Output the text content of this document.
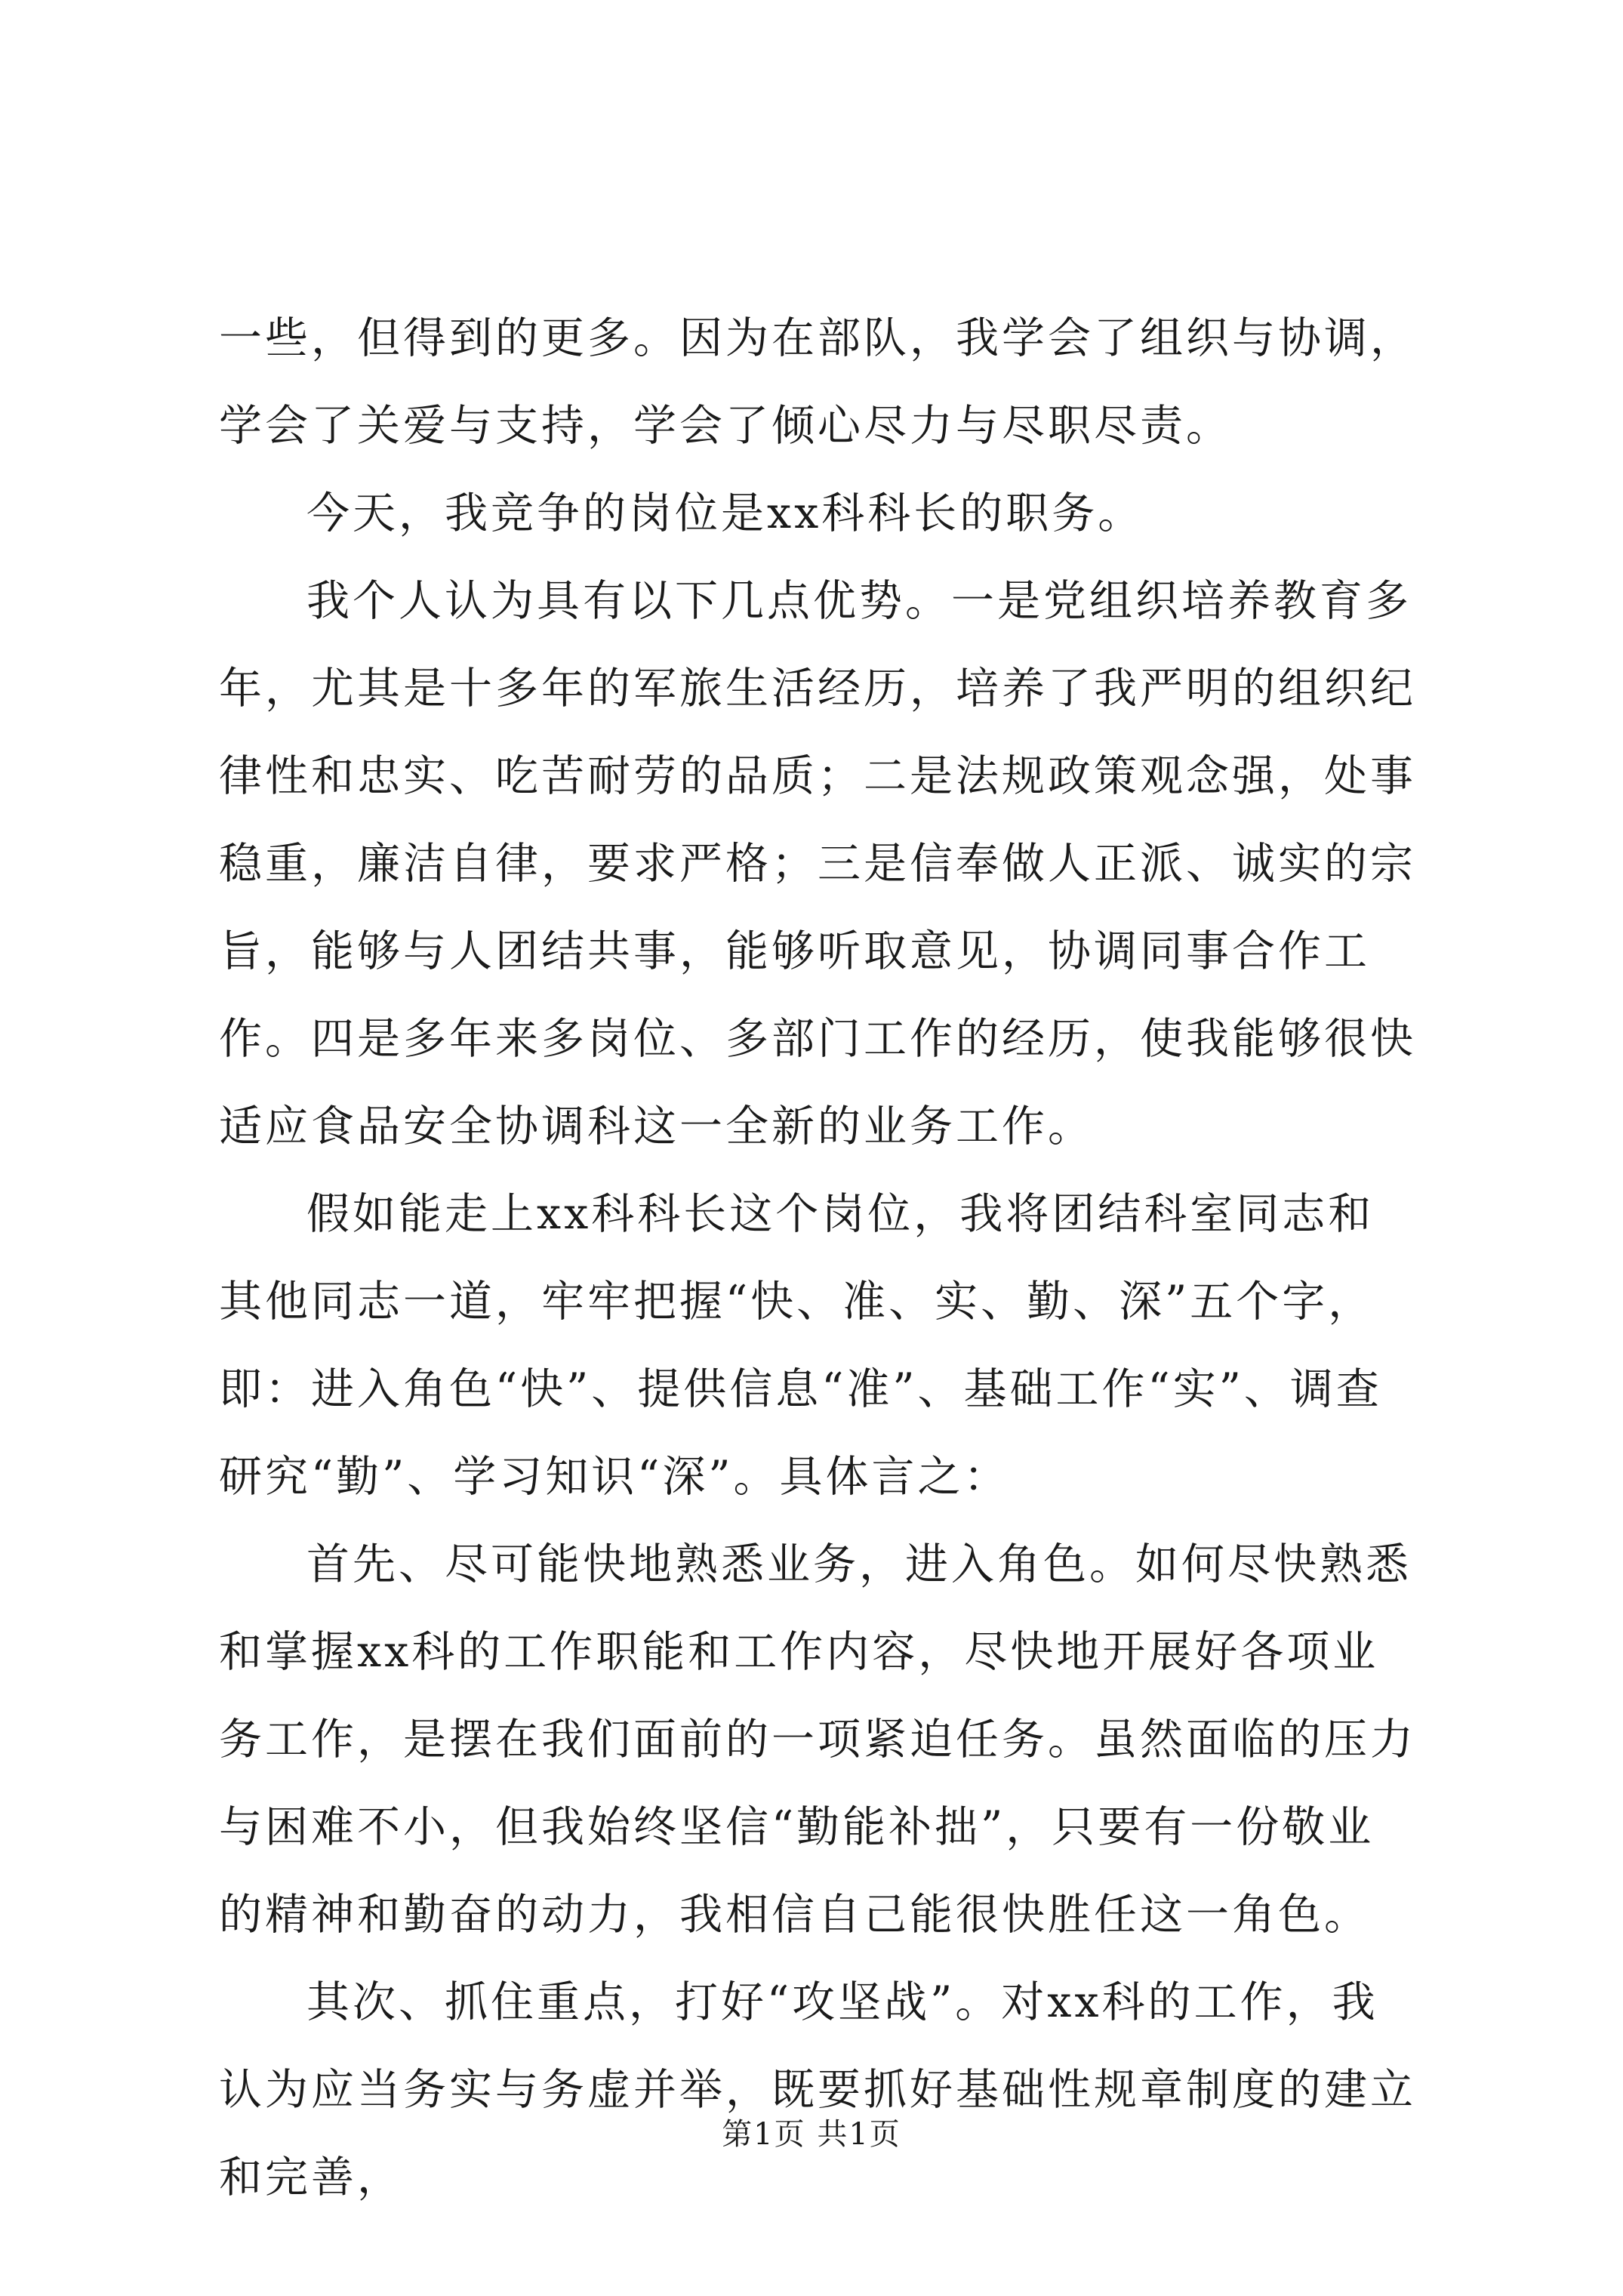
一些，但得到的更多。因为在部队，我学会了组织与协调，学会了关爱与支持，学会了倾心尽力与尽职尽责。

今天，我竞争的岗位是xx科科长的职务。

我个人认为具有以下几点优势。一是党组织培养教育多年，尤其是十多年的军旅生活经历，培养了我严明的组织纪律性和忠实、吃苦耐劳的品质；二是法规政策观念强，处事稳重，廉洁自律，要求严格；三是信奉做人正派、诚实的宗旨，能够与人团结共事，能够听取意见，协调同事合作工作。四是多年来多岗位、多部门工作的经历，使我能够很快适应食品安全协调科这一全新的业务工作。

假如能走上xx科科长这个岗位，我将团结科室同志和其他同志一道，牢牢把握“快、准、实、勤、深”五个字，即：进入角色“快”、提供信息“准”、基础工作“实”、调查研究“勤”、学习知识“深”。具体言之：

首先、尽可能快地熟悉业务，进入角色。如何尽快熟悉和掌握xx科的工作职能和工作内容，尽快地开展好各项业务工作，是摆在我们面前的一项紧迫任务。虽然面临的压力与困难不小，但我始终坚信“勤能补拙”，只要有一份敬业的精神和勤奋的动力，我相信自己能很快胜任这一角色。

其次、抓住重点，打好“攻坚战”。对xx科的工作，我认为应当务实与务虚并举，既要抓好基础性规章制度的建立和完善，

第1页 共1页
